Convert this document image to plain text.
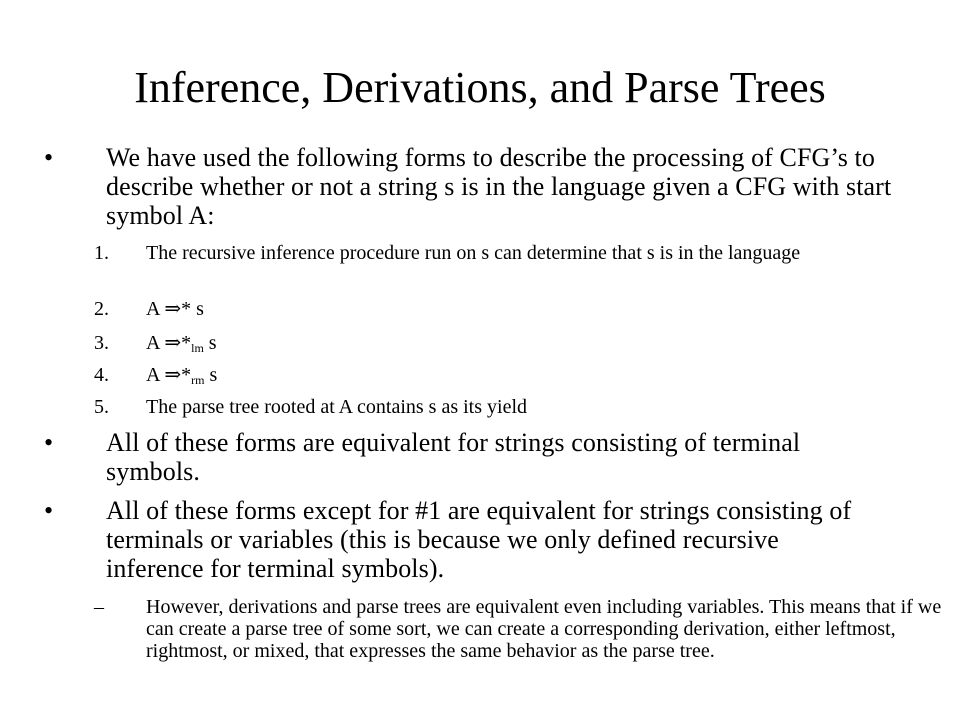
Inference, Derivations, and Parse Trees
• We have used the following forms to describe the processing of CFG’s to describe whether or not a string s is in the language given a CFG with start symbol A:
1. The recursive inference procedure run on s can determine that s is in the language
2. A ⇒* s
3. A $\Rightarrow*_{lm}$ s
4. A $\Rightarrow*_{rm}$ s
5. The parse tree rooted at A contains s as its yield
• All of these forms are equivalent for strings consisting of terminal symbols.
• All of these forms except for #1 are equivalent for strings consisting of terminals or variables (this is because we only defined recursive inference for terminal symbols).
– However, derivations and parse trees are equivalent even including variables. This means that if we can create a parse tree of some sort, we can create a corresponding derivation, either leftmost, rightmost, or mixed, that expresses the same behavior as the parse tree.
